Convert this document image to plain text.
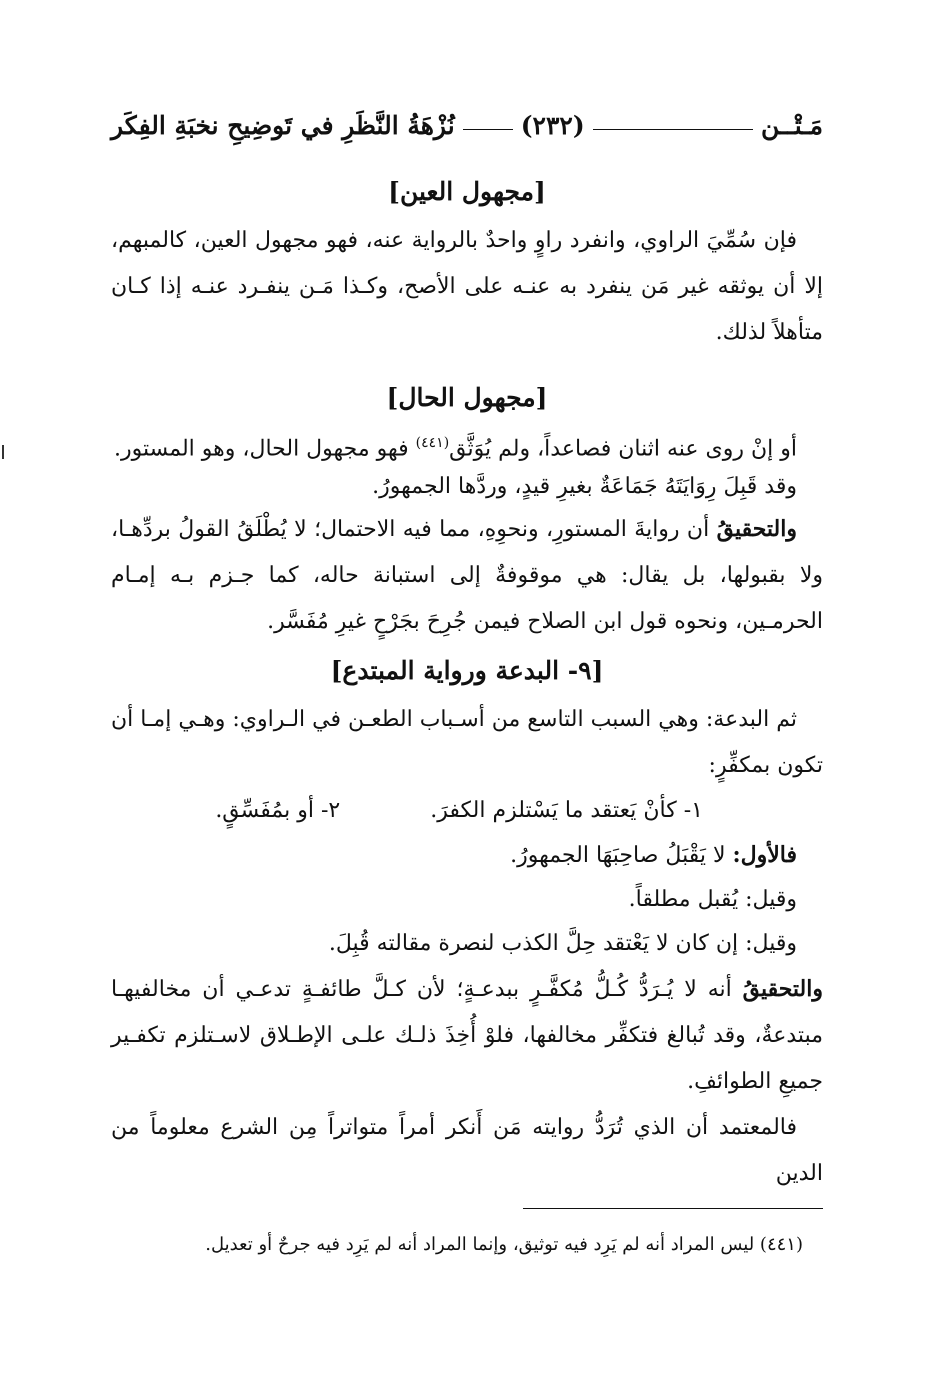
مَـتْــن
(٢٣٢)
نُزْهَةُ النَّظَرِ في تَوضِيحِ نخبَةِ الفِكَر
[مجهول العين]

فإن سُمِّيَ الراوي، وانفرد راوٍ واحدٌ بالرواية عنه، فهو مجهول العين، كالمبهم، إلا أن يوثقه غير مَن ينفرد به عنـه على الأصح، وكـذا مَـن ينفـرد عنـه إذا كـان متأهلاً لذلك.

[مجهول الحال]

أو إنْ روى عنه اثنان فصاعداً، ولم يُوَثَّق$^{(٤٤١)}$ فهو مجهول الحال، وهو المستور.

وقد قَبِلَ رِوَايَتَهُ جَمَاعَةٌ بغيرِ قيدٍ، وردَّها الجمهورُ.

والتحقيقُ أن روايةَ المستورِ، ونحوِهِ، مما فيه الاحتمال؛ لا يُطْلَقُ القولُ بردِّهـا، ولا بقبولها، بل يقال: هي موقوفةٌ إلى استبانة حاله، كما جـزم بـه إمـام الحرمـين، ونحوه قول ابن الصلاح فيمن جُرِحَ بجَرْحٍ غيرِ مُفَسَّر.

[٩- البدعة ورواية المبتدع]

ثم البدعة: وهي السبب التاسع من أسـباب الطعـن في الـراوي: وهـي إمـا أن تكون بمكفِّرٍ:

١- كأنْ يَعتقد ما يَسْتلزم الكفرَ.
٢- أو بمُفَسِّقٍ.

فالأول: لا يَقْبَلُ صاحِبَهَا الجمهورُ.

وقيل: يُقبل مطلقاً.

وقيل: إن كان لا يَعْتقد حِلَّ الكذب لنصرة مقالته قُبِلَ.

والتحقيقُ أنه لا يُـرَدُّ كُـلُّ مُكفَّـرٍ ببدعـةٍ؛ لأن كـلَّ طائفـةٍ تدعـي أن مخالفيهـا مبتدعةٌ، وقد تُبالغ فتكفِّر مخالفها، فلوْ أُخِذَ ذلـك علـى الإطـلاق لاسـتلزم تكفـير جميعِ الطوائفِ.

فالمعتمد أن الذي تُرَدُّ روايته مَن أَنكر أمراً متواتراً مِن الشرع معلوماً من الدين

(٤٤١) ليس المراد أنه لم يَرِد فيه توثيق، وإنما المراد أنه لم يَرِد فيه جرحٌ أو تعديل.
